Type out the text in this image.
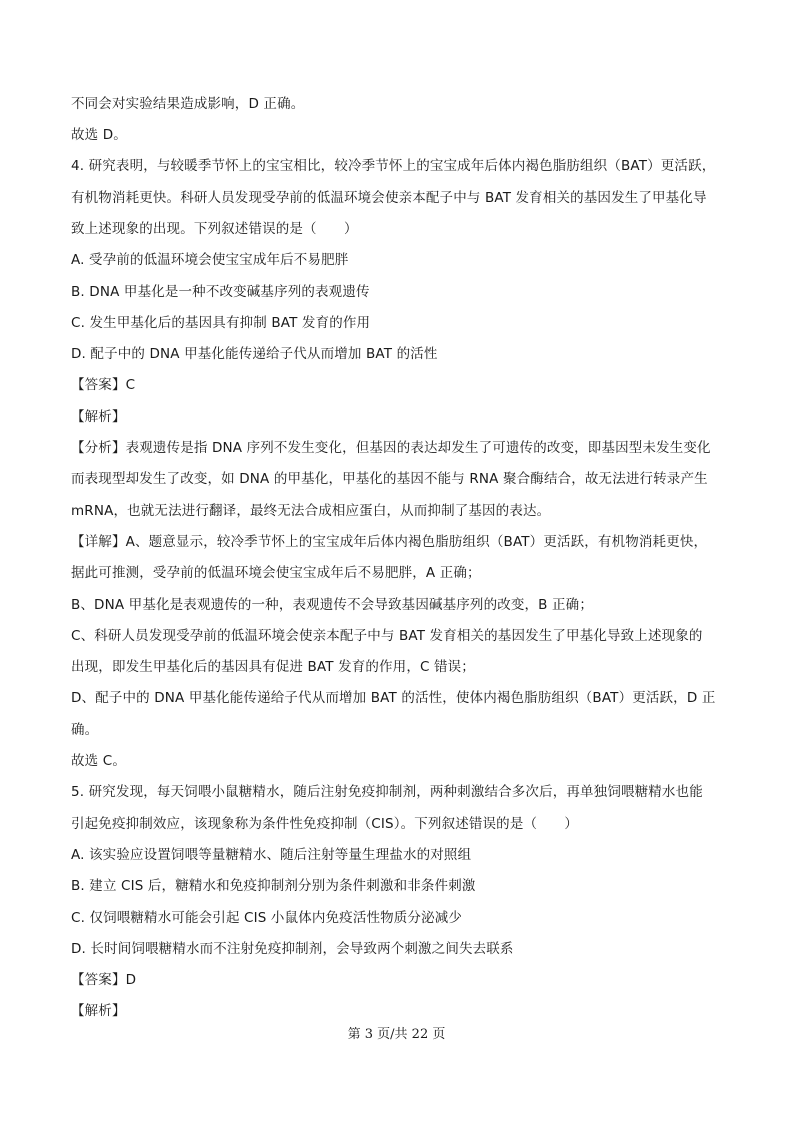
不同会对实验结果造成影响，D 正确。
故选 D。
4. 研究表明，与较暖季节怀上的宝宝相比，较冷季节怀上的宝宝成年后体内褐色脂肪组织（BAT）更活跃，
有机物消耗更快。科研人员发现受孕前的低温环境会使亲本配子中与 BAT 发育相关的基因发生了甲基化导
致上述现象的出现。下列叙述错误的是（　　）
A. 受孕前的低温环境会使宝宝成年后不易肥胖
B. DNA 甲基化是一种不改变碱基序列的表观遗传
C. 发生甲基化后的基因具有抑制 BAT 发育的作用
D. 配子中的 DNA 甲基化能传递给子代从而增加 BAT 的活性
【答案】C
【解析】
【分析】表观遗传是指 DNA 序列不发生变化，但基因的表达却发生了可遗传的改变，即基因型未发生变化
而表现型却发生了改变，如 DNA 的甲基化，甲基化的基因不能与 RNA 聚合酶结合，故无法进行转录产生
mRNA，也就无法进行翻译，最终无法合成相应蛋白，从而抑制了基因的表达。
【详解】A、题意显示，较冷季节怀上的宝宝成年后体内褐色脂肪组织（BAT）更活跃，有机物消耗更快，
据此可推测，受孕前的低温环境会使宝宝成年后不易肥胖，A 正确；
B、DNA 甲基化是表观遗传的一种，表观遗传不会导致基因碱基序列的改变，B 正确；
C、科研人员发现受孕前的低温环境会使亲本配子中与 BAT 发育相关的基因发生了甲基化导致上述现象的
出现，即发生甲基化后的基因具有促进 BAT 发育的作用，C 错误；
D、配子中的 DNA 甲基化能传递给子代从而增加 BAT 的活性，使体内褐色脂肪组织（BAT）更活跃，D 正
确。
故选 C。
5. 研究发现，每天饲喂小鼠糖精水，随后注射免疫抑制剂，两种刺激结合多次后，再单独饲喂糖精水也能
引起免疫抑制效应，该现象称为条件性免疫抑制（CIS）。下列叙述错误的是（　　）
A. 该实验应设置饲喂等量糖精水、随后注射等量生理盐水的对照组
B. 建立 CIS 后，糖精水和免疫抑制剂分别为条件刺激和非条件刺激
C. 仅饲喂糖精水可能会引起 CIS 小鼠体内免疫活性物质分泌减少
D. 长时间饲喂糖精水而不注射免疫抑制剂，会导致两个刺激之间失去联系
【答案】D
【解析】
第 3 页/共 22 页
